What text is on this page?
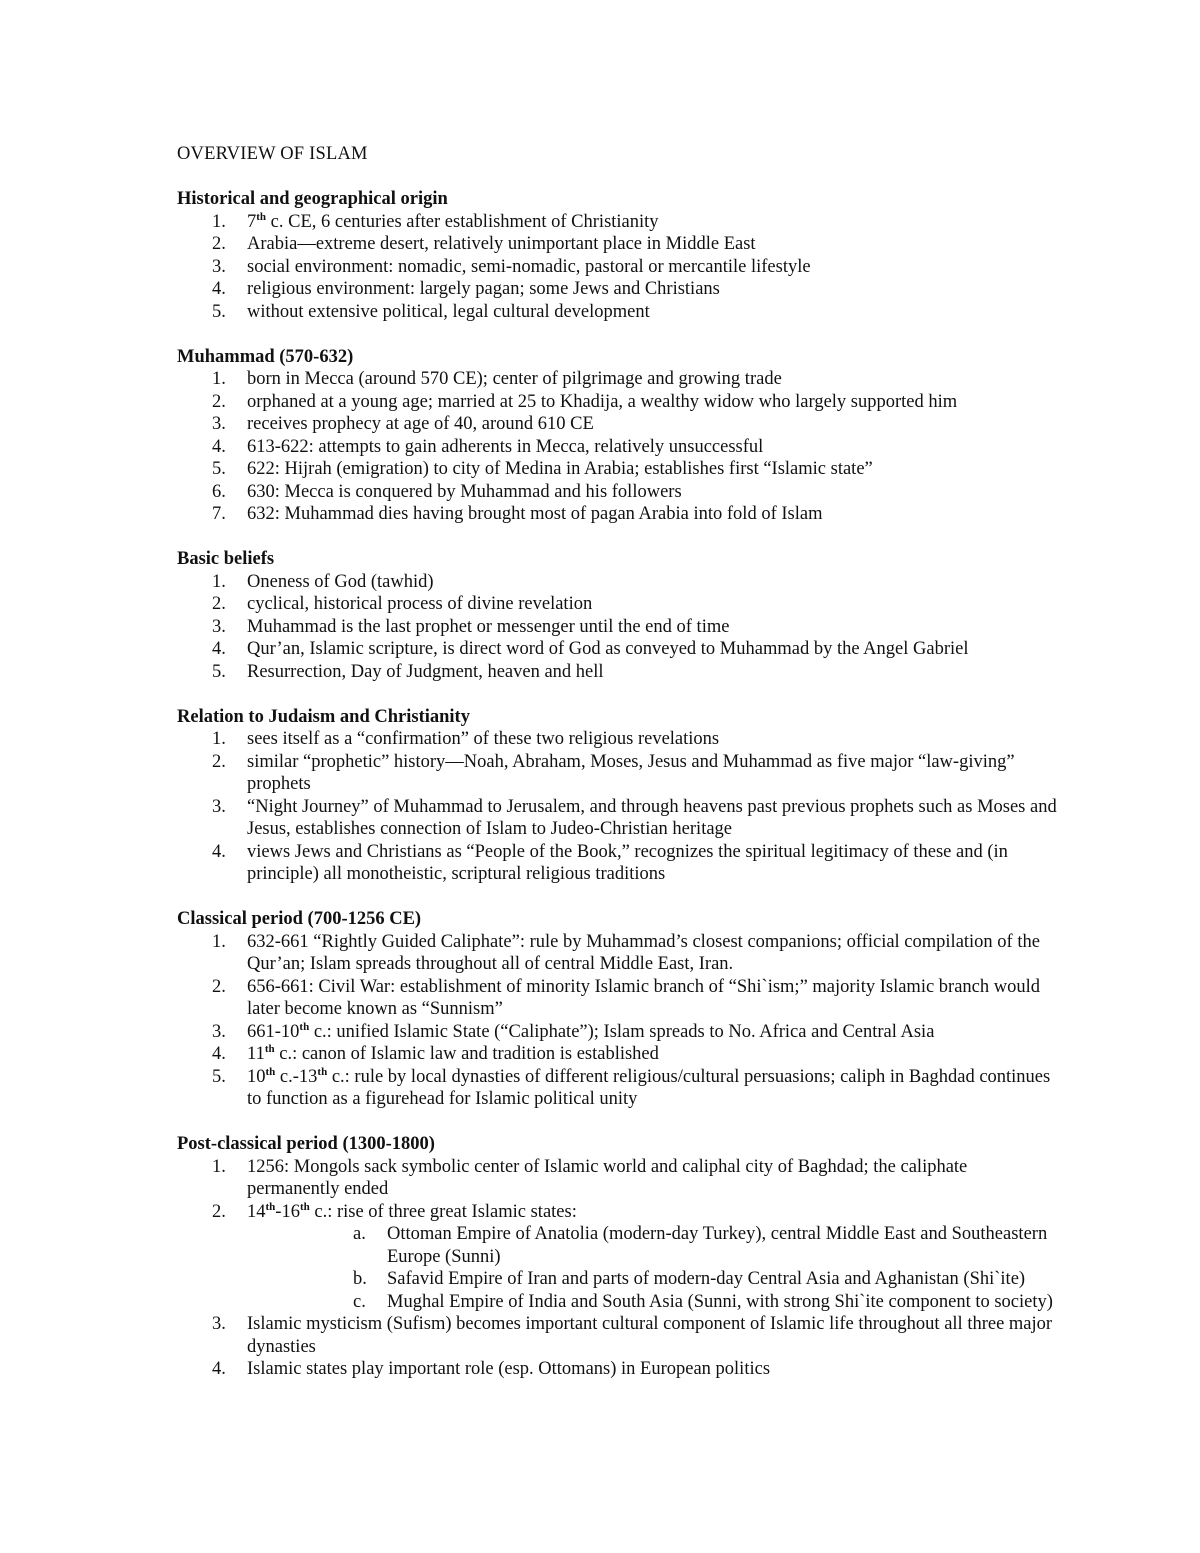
OVERVIEW OF ISLAM
Historical and geographical origin
1. 7th c. CE, 6 centuries after establishment of Christianity
2. Arabia—extreme desert, relatively unimportant place in Middle East
3. social environment: nomadic, semi-nomadic, pastoral or mercantile lifestyle
4. religious environment: largely pagan; some Jews and Christians
5. without extensive political, legal cultural development
Muhammad (570-632)
1. born in Mecca (around 570 CE); center of pilgrimage and growing trade
2. orphaned at a young age; married at 25 to Khadija, a wealthy widow who largely supported him
3. receives prophecy at age of 40, around 610 CE
4. 613-622: attempts to gain adherents in Mecca, relatively unsuccessful
5. 622: Hijrah (emigration) to city of Medina in Arabia; establishes first “Islamic state”
6. 630: Mecca is conquered by Muhammad and his followers
7. 632: Muhammad dies having brought most of pagan Arabia into fold of Islam
Basic beliefs
1. Oneness of God (tawhid)
2. cyclical, historical process of divine revelation
3. Muhammad is the last prophet or messenger until the end of time
4. Qur’an, Islamic scripture, is direct word of God as conveyed to Muhammad by the Angel Gabriel
5. Resurrection, Day of Judgment, heaven and hell
Relation to Judaism and Christianity
1. sees itself as a “confirmation” of these two religious revelations
2. similar “prophetic” history—Noah, Abraham, Moses, Jesus and Muhammad as five major “law-giving” prophets
3. “Night Journey” of Muhammad to Jerusalem, and through heavens past previous prophets such as Moses and Jesus, establishes connection of Islam to Judeo-Christian heritage
4. views Jews and Christians as “People of the Book,” recognizes the spiritual legitimacy of these and (in principle) all monotheistic, scriptural religious traditions
Classical period (700-1256 CE)
1. 632-661 “Rightly Guided Caliphate”: rule by Muhammad’s closest companions; official compilation of the Qur’an; Islam spreads throughout all of central Middle East, Iran.
2. 656-661: Civil War: establishment of minority Islamic branch of “Shi`ism;” majority Islamic branch would later become known as “Sunnism”
3. 661-10th c.: unified Islamic State (“Caliphate”); Islam spreads to No. Africa and Central Asia
4. 11th c.: canon of Islamic law and tradition is established
5. 10th c.-13th c.: rule by local dynasties of different religious/cultural persuasions; caliph in Baghdad continues to function as a figurehead for Islamic political unity
Post-classical period (1300-1800)
1. 1256: Mongols sack symbolic center of Islamic world and caliphal city of Baghdad; the caliphate permanently ended
2. 14th-16th c.: rise of three great Islamic states:
a. Ottoman Empire of Anatolia (modern-day Turkey), central Middle East and Southeastern Europe (Sunni)
b. Safavid Empire of Iran and parts of modern-day Central Asia and Aghanistan (Shi`ite)
c. Mughal Empire of India and South Asia (Sunni, with strong Shi`ite component to society)
3. Islamic mysticism (Sufism) becomes important cultural component of Islamic life throughout all three major dynasties
4. Islamic states play important role (esp. Ottomans) in European politics
